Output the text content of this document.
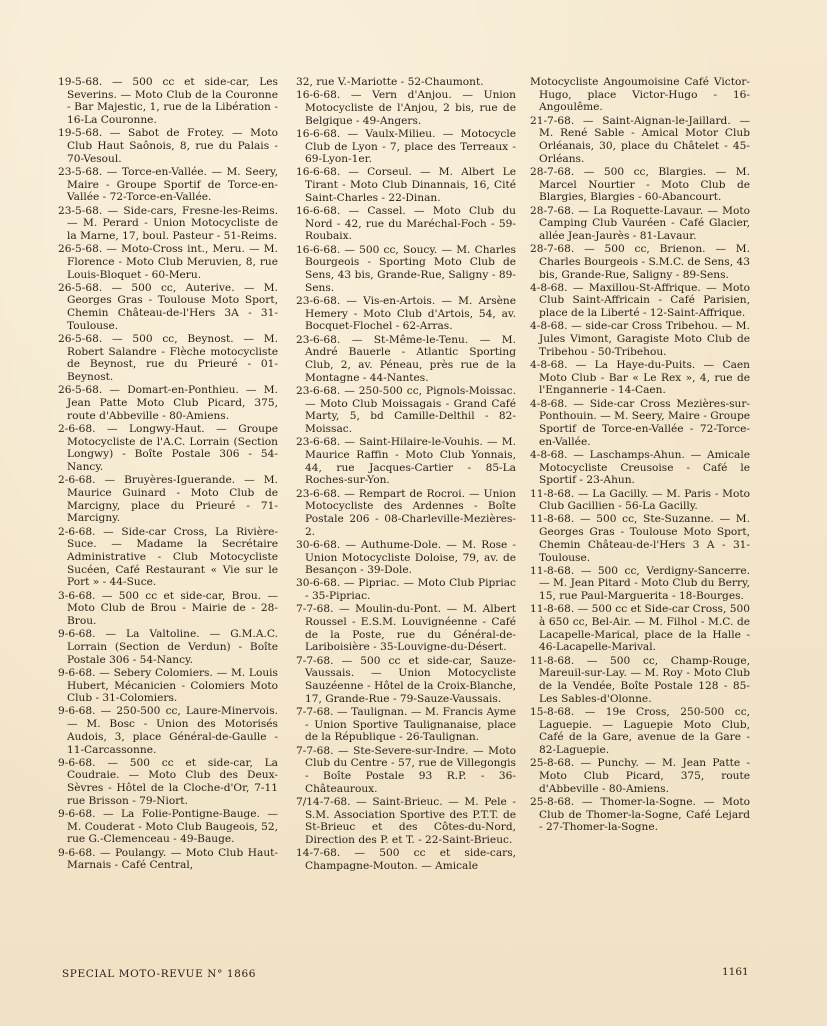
19-5-68. — 500 cc et side-car, Les Severins. — Moto Club de la Couronne - Bar Majestic, 1, rue de la Libération - 16-La Couronne.

19-5-68. — Sabot de Frotey. — Moto Club Haut Saônois, 8, rue du Palais - 70-Vesoul.

23-5-68. — Torce-en-Vallée. — M. Seery, Maire - Groupe Sportif de Torce-en-Vallée - 72-Torce-en-Vallée.

23-5-68. — Side-cars, Fresne-les-Reims. — M. Perard - Union Motocycliste de la Marne, 17, boul. Pasteur - 51-Reims.

26-5-68. — Moto-Cross int., Meru. — M. Florence - Moto Club Meruvien, 8, rue Louis-Bloquet - 60-Meru.

26-5-68. — 500 cc, Auterive. — M. Georges Gras - Toulouse Moto Sport, Chemin Château-de-l'Hers 3A - 31-Toulouse.

26-5-68. — 500 cc, Beynost. — M. Robert Salandre - Flèche motocycliste de Beynost, rue du Prieuré - 01-Beynost.

26-5-68. — Domart-en-Ponthieu. — M. Jean Patte Moto Club Picard, 375, route d'Abbeville - 80-Amiens.

2-6-68. — Longwy-Haut. — Groupe Motocycliste de l'A.C. Lorrain (Section Longwy) - Boîte Postale 306 - 54-Nancy.

2-6-68. — Bruyères-Iguerande. — M. Maurice Guinard - Moto Club de Marcigny, place du Prieuré - 71-Marcigny.

2-6-68. — Side-car Cross, La Rivière-Suce. — Madame la Secrétaire Administrative - Club Motocycliste Sucéen, Café Restaurant « Vie sur le Port » - 44-Suce.

3-6-68. — 500 cc et side-car, Brou. — Moto Club de Brou - Mairie de - 28-Brou.

9-6-68. — La Valtoline. — G.M.A.C. Lorrain (Section de Verdun) - Boîte Postale 306 - 54-Nancy.

9-6-68. — Sebery Colomiers. — M. Louis Hubert, Mécanicien - Colomiers Moto Club - 31-Colomiers.

9-6-68. — 250-500 cc, Laure-Minervois. — M. Bosc - Union des Motorisés Audois, 3, place Général-de-Gaulle - 11-Carcassonne.

9-6-68. — 500 cc et side-car, La Coudraie. — Moto Club des Deux-Sèvres - Hôtel de la Cloche-d'Or, 7-11 rue Brisson - 79-Niort.

9-6-68. — La Folie-Pontigne-Bauge. — M. Couderat - Moto Club Baugeois, 52, rue G.-Clemenceau - 49-Bauge.

9-6-68. — Poulangy. — Moto Club Haut-Marnais - Café Central,

32, rue V.-Mariotte - 52-Chaumont.

16-6-68. — Vern d'Anjou. — Union Motocycliste de l'Anjou, 2 bis, rue de Belgique - 49-Angers.

16-6-68. — Vaulx-Milieu. — Motocycle Club de Lyon - 7, place des Terreaux - 69-Lyon-1er.

16-6-68. — Corseul. — M. Albert Le Tirant - Moto Club Dinannais, 16, Cité Saint-Charles - 22-Dinan.

16-6-68. — Cassel. — Moto Club du Nord - 42, rue du Maréchal-Foch - 59-Roubaix.

16-6-68. — 500 cc, Soucy. — M. Charles Bourgeois - Sporting Moto Club de Sens, 43 bis, Grande-Rue, Saligny - 89-Sens.

23-6-68. — Vis-en-Artois. — M. Arsène Hemery - Moto Club d'Artois, 54, av. Bocquet-Flochel - 62-Arras.

23-6-68. — St-Même-le-Tenu. — M. André Bauerle - Atlantic Sporting Club, 2, av. Péneau, près rue de la Montagne - 44-Nantes.

23-6-68. — 250-500 cc, Pignols-Moissac. — Moto Club Moissagais - Grand Café Marty, 5, bd Camille-Delthil - 82-Moissac.

23-6-68. — Saint-Hilaire-le-Vouhis. — M. Maurice Raffin - Moto Club Yonnais, 44, rue Jacques-Cartier - 85-La Roches-sur-Yon.

23-6-68. — Rempart de Rocroi. — Union Motocycliste des Ardennes - Boîte Postale 206 - 08-Charleville-Mezières-2.

30-6-68. — Authume-Dole. — M. Rose - Union Motocycliste Doloise, 79, av. de Besançon - 39-Dole.

30-6-68. — Pipriac. — Moto Club Pipriac - 35-Pipriac.

7-7-68. — Moulin-du-Pont. — M. Albert Roussel - E.S.M. Louvignéenne - Café de la Poste, rue du Général-de-Lariboisière - 35-Louvigne-du-Désert.

7-7-68. — 500 cc et side-car, Sauze-Vaussais. — Union Motocycliste Sauzéenne - Hôtel de la Croix-Blanche, 17, Grande-Rue - 79-Sauze-Vaussais.

7-7-68. — Taulignan. — M. Francis Ayme - Union Sportive Taulignanaise, place de la République - 26-Taulignan.

7-7-68. — Ste-Severe-sur-Indre. — Moto Club du Centre - 57, rue de Villegongis - Boîte Postale 93 R.P. - 36-Châteauroux.

7/14-7-68. — Saint-Brieuc. — M. Pele - S.M. Association Sportive des P.T.T. de St-Brieuc et des Côtes-du-Nord, Direction des P. et T. - 22-Saint-Brieuc.

14-7-68. — 500 cc et side-cars, Champagne-Mouton. — Amicale

Motocycliste Angoumoisine Café Victor-Hugo, place Victor-Hugo - 16-Angoulême.

21-7-68. — Saint-Aignan-le-Jaillard. — M. René Sable - Amical Motor Club Orléanais, 30, place du Châtelet - 45-Orléans.

28-7-68. — 500 cc, Blargies. — M. Marcel Nourtier - Moto Club de Blargies, Blargies - 60-Abancourt.

28-7-68. — La Roquette-Lavaur. — Moto Camping Club Vauréen - Café Glacier, allée Jean-Jaurès - 81-Lavaur.

28-7-68. — 500 cc, Brienon. — M. Charles Bourgeois - S.M.C. de Sens, 43 bis, Grande-Rue, Saligny - 89-Sens.

4-8-68. — Maxillou-St-Affrique. — Moto Club Saint-Affricain - Café Parisien, place de la Liberté - 12-Saint-Affrique.

4-8-68. — side-car Cross Tribehou. — M. Jules Vimont, Garagiste Moto Club de Tribehou - 50-Tribehou.

4-8-68. — La Haye-du-Puits. — Caen Moto Club - Bar « Le Rex », 4, rue de l'Engannerie - 14-Caen.

4-8-68. — Side-car Cross Mezières-sur-Ponthouin. — M. Seery, Maire - Groupe Sportif de Torce-en-Vallée - 72-Torce-en-Vallée.

4-8-68. — Laschamps-Ahun. — Amicale Motocycliste Creusoise - Café le Sportif - 23-Ahun.

11-8-68. — La Gacilly. — M. Paris - Moto Club Gacillien - 56-La Gacilly.

11-8-68. — 500 cc, Ste-Suzanne. — M. Georges Gras - Toulouse Moto Sport, Chemin Château-de-l'Hers 3 A - 31-Toulouse.

11-8-68. — 500 cc, Verdigny-Sancerre. — M. Jean Pitard - Moto Club du Berry, 15, rue Paul-Marguerita - 18-Bourges.

11-8-68. — 500 cc et Side-car Cross, 500 à 650 cc, Bel-Air. — M. Filhol - M.C. de Lacapelle-Marical, place de la Halle - 46-Lacapelle-Marival.

11-8-68. — 500 cc, Champ-Rouge, Mareuil-sur-Lay. — M. Roy - Moto Club de la Vendée, Boîte Postale 128 - 85-Les Sables-d'Olonne.

15-8-68. — 19e Cross, 250-500 cc, Laguepie. — Laguepie Moto Club, Café de la Gare, avenue de la Gare - 82-Laguepie.

25-8-68. — Punchy. — M. Jean Patte - Moto Club Picard, 375, route d'Abbeville - 80-Amiens.

25-8-68. — Thomer-la-Sogne. — Moto Club de Thomer-la-Sogne, Café Lejard - 27-Thomer-la-Sogne.

SPECIAL MOTO-REVUE N° 1866	1161
